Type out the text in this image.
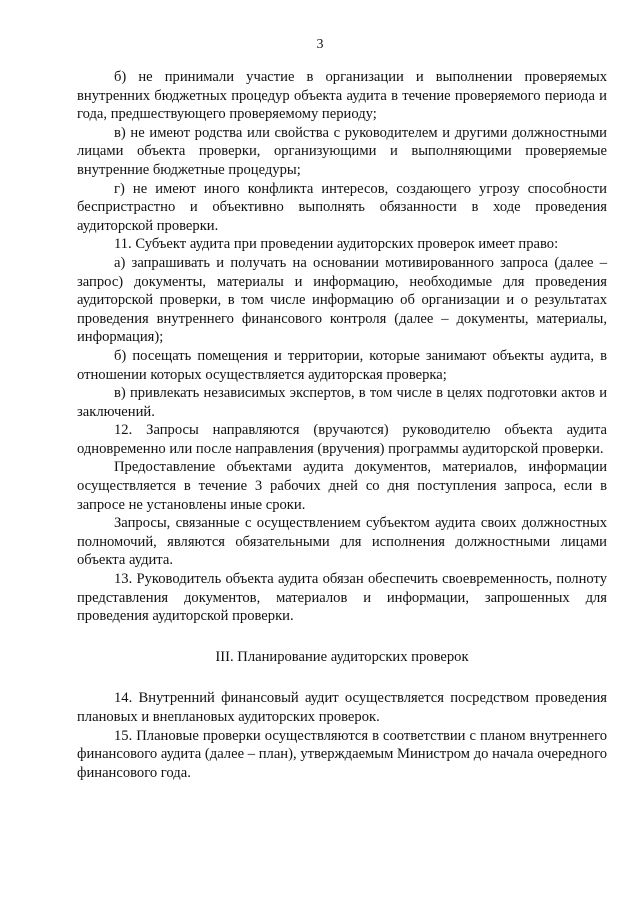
3

б) не принимали участие в организации и выполнении проверяемых внутренних бюджетных процедур объекта аудита в течение проверяемого периода и года, предшествующего проверяемому периоду;

в) не имеют родства или свойства с руководителем и другими должностными лицами объекта проверки, организующими и выполняющими проверяемые внутренние бюджетные процедуры;

г) не имеют иного конфликта интересов, создающего угрозу способности беспристрастно и объективно выполнять обязанности в ходе проведения аудиторской проверки.

11. Субъект аудита при проведении аудиторских проверок имеет право:

а) запрашивать и получать на основании мотивированного запроса (далее – запрос) документы, материалы и информацию, необходимые для проведения аудиторской проверки, в том числе информацию об организации и о результатах проведения внутреннего финансового контроля (далее – документы, материалы, информация);

б) посещать помещения и территории, которые занимают объекты аудита, в отношении которых осуществляется аудиторская проверка;

в) привлекать независимых экспертов, в том числе в целях подготовки актов и заключений.

12. Запросы направляются (вручаются) руководителю объекта аудита одновременно или после направления (вручения) программы аудиторской проверки.

Предоставление объектами аудита документов, материалов, информации осуществляется в течение 3 рабочих дней со дня поступления запроса, если в запросе не установлены иные сроки.

Запросы, связанные с осуществлением субъектом аудита своих должностных полномочий, являются обязательными для исполнения должностными лицами объекта аудита.

13. Руководитель объекта аудита обязан обеспечить своевременность, полноту представления документов, материалов и информации, запрошенных для проведения аудиторской проверки.

III. Планирование аудиторских проверок

14. Внутренний финансовый аудит осуществляется посредством проведения плановых и внеплановых аудиторских проверок.

15. Плановые проверки осуществляются в соответствии с планом внутреннего финансового аудита (далее – план), утверждаемым Министром до начала очередного финансового года.
